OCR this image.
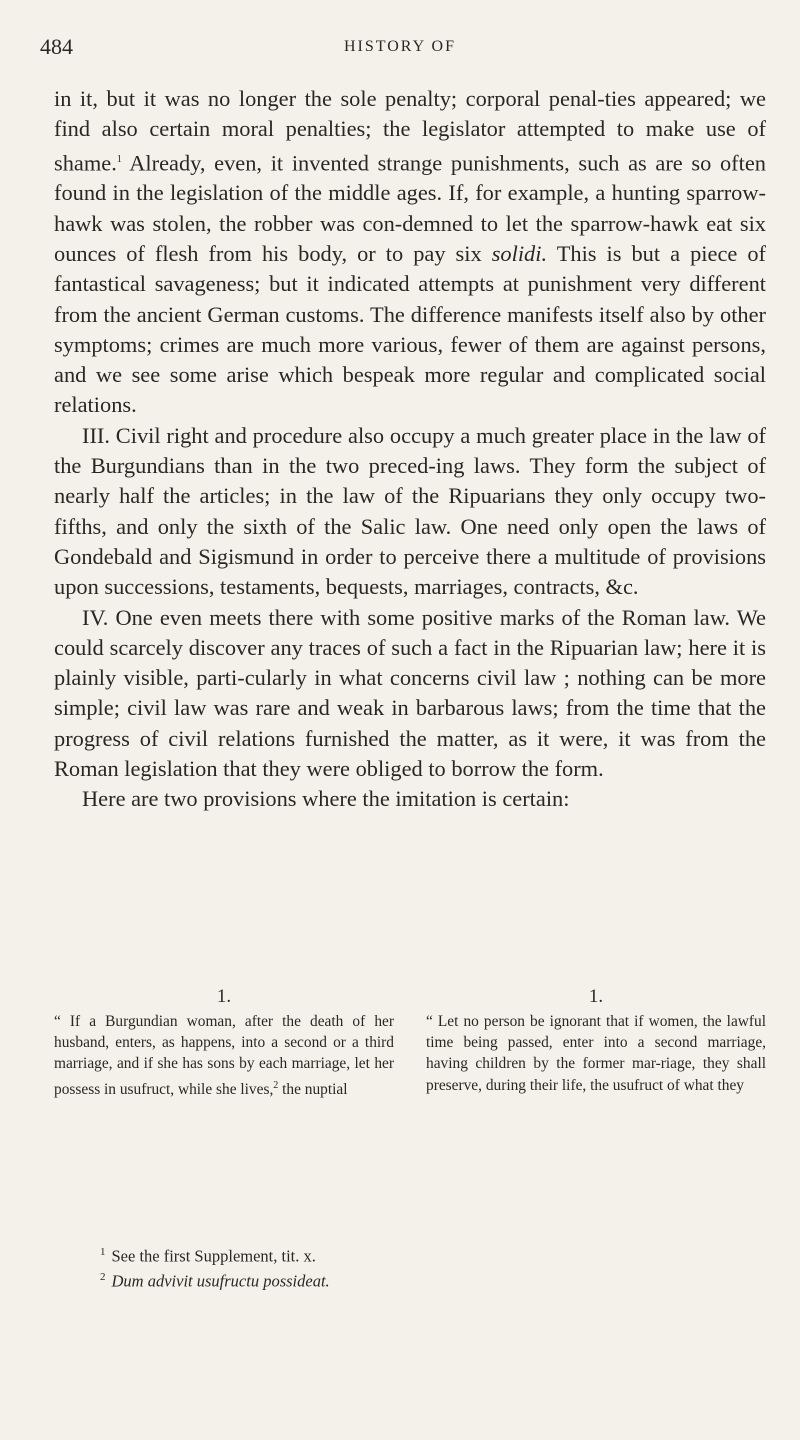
484	HISTORY OF

in it, but it was no longer the sole penalty; corporal penal-ties appeared; we find also certain moral penalties; the legislator attempted to make use of shame.$^1$ Already, even, it invented strange punishments, such as are so often found in the legislation of the middle ages. If, for example, a hunting sparrow-hawk was stolen, the robber was con-demned to let the sparrow-hawk eat six ounces of flesh from his body, or to pay six solidi. This is but a piece of fantastical savageness; but it indicated attempts at punishment very different from the ancient German customs. The difference manifests itself also by other symptoms; crimes are much more various, fewer of them are against persons, and we see some arise which bespeak more regular and complicated social relations.

III. Civil right and procedure also occupy a much greater place in the law of the Burgundians than in the two preced-ing laws. They form the subject of nearly half the articles; in the law of the Ripuarians they only occupy two-fifths, and only the sixth of the Salic law. One need only open the laws of Gondebald and Sigismund in order to perceive there a multitude of provisions upon successions, testaments, bequests, marriages, contracts, &c.

IV. One even meets there with some positive marks of the Roman law. We could scarcely discover any traces of such a fact in the Ripuarian law; here it is plainly visible, parti-cularly in what concerns civil law ; nothing can be more simple; civil law was rare and weak in barbarous laws; from the time that the progress of civil relations furnished the matter, as it were, it was from the Roman legislation that they were obliged to borrow the form.

Here are two provisions where the imitation is certain:

1.

“ If a Burgundian woman, after the death of her husband, enters, as happens, into a second or a third marriage, and if she has sons by each marriage, let her possess in usufruct, while she lives,$^2$ the nuptial

1.

“ Let no person be ignorant that if women, the lawful time being passed, enter into a second marriage, having children by the former mar-riage, they shall preserve, during their life, the usufruct of what they

$^1$ See the first Supplement, tit. x.

$^2$ Dum advivit usufructu possideat.
